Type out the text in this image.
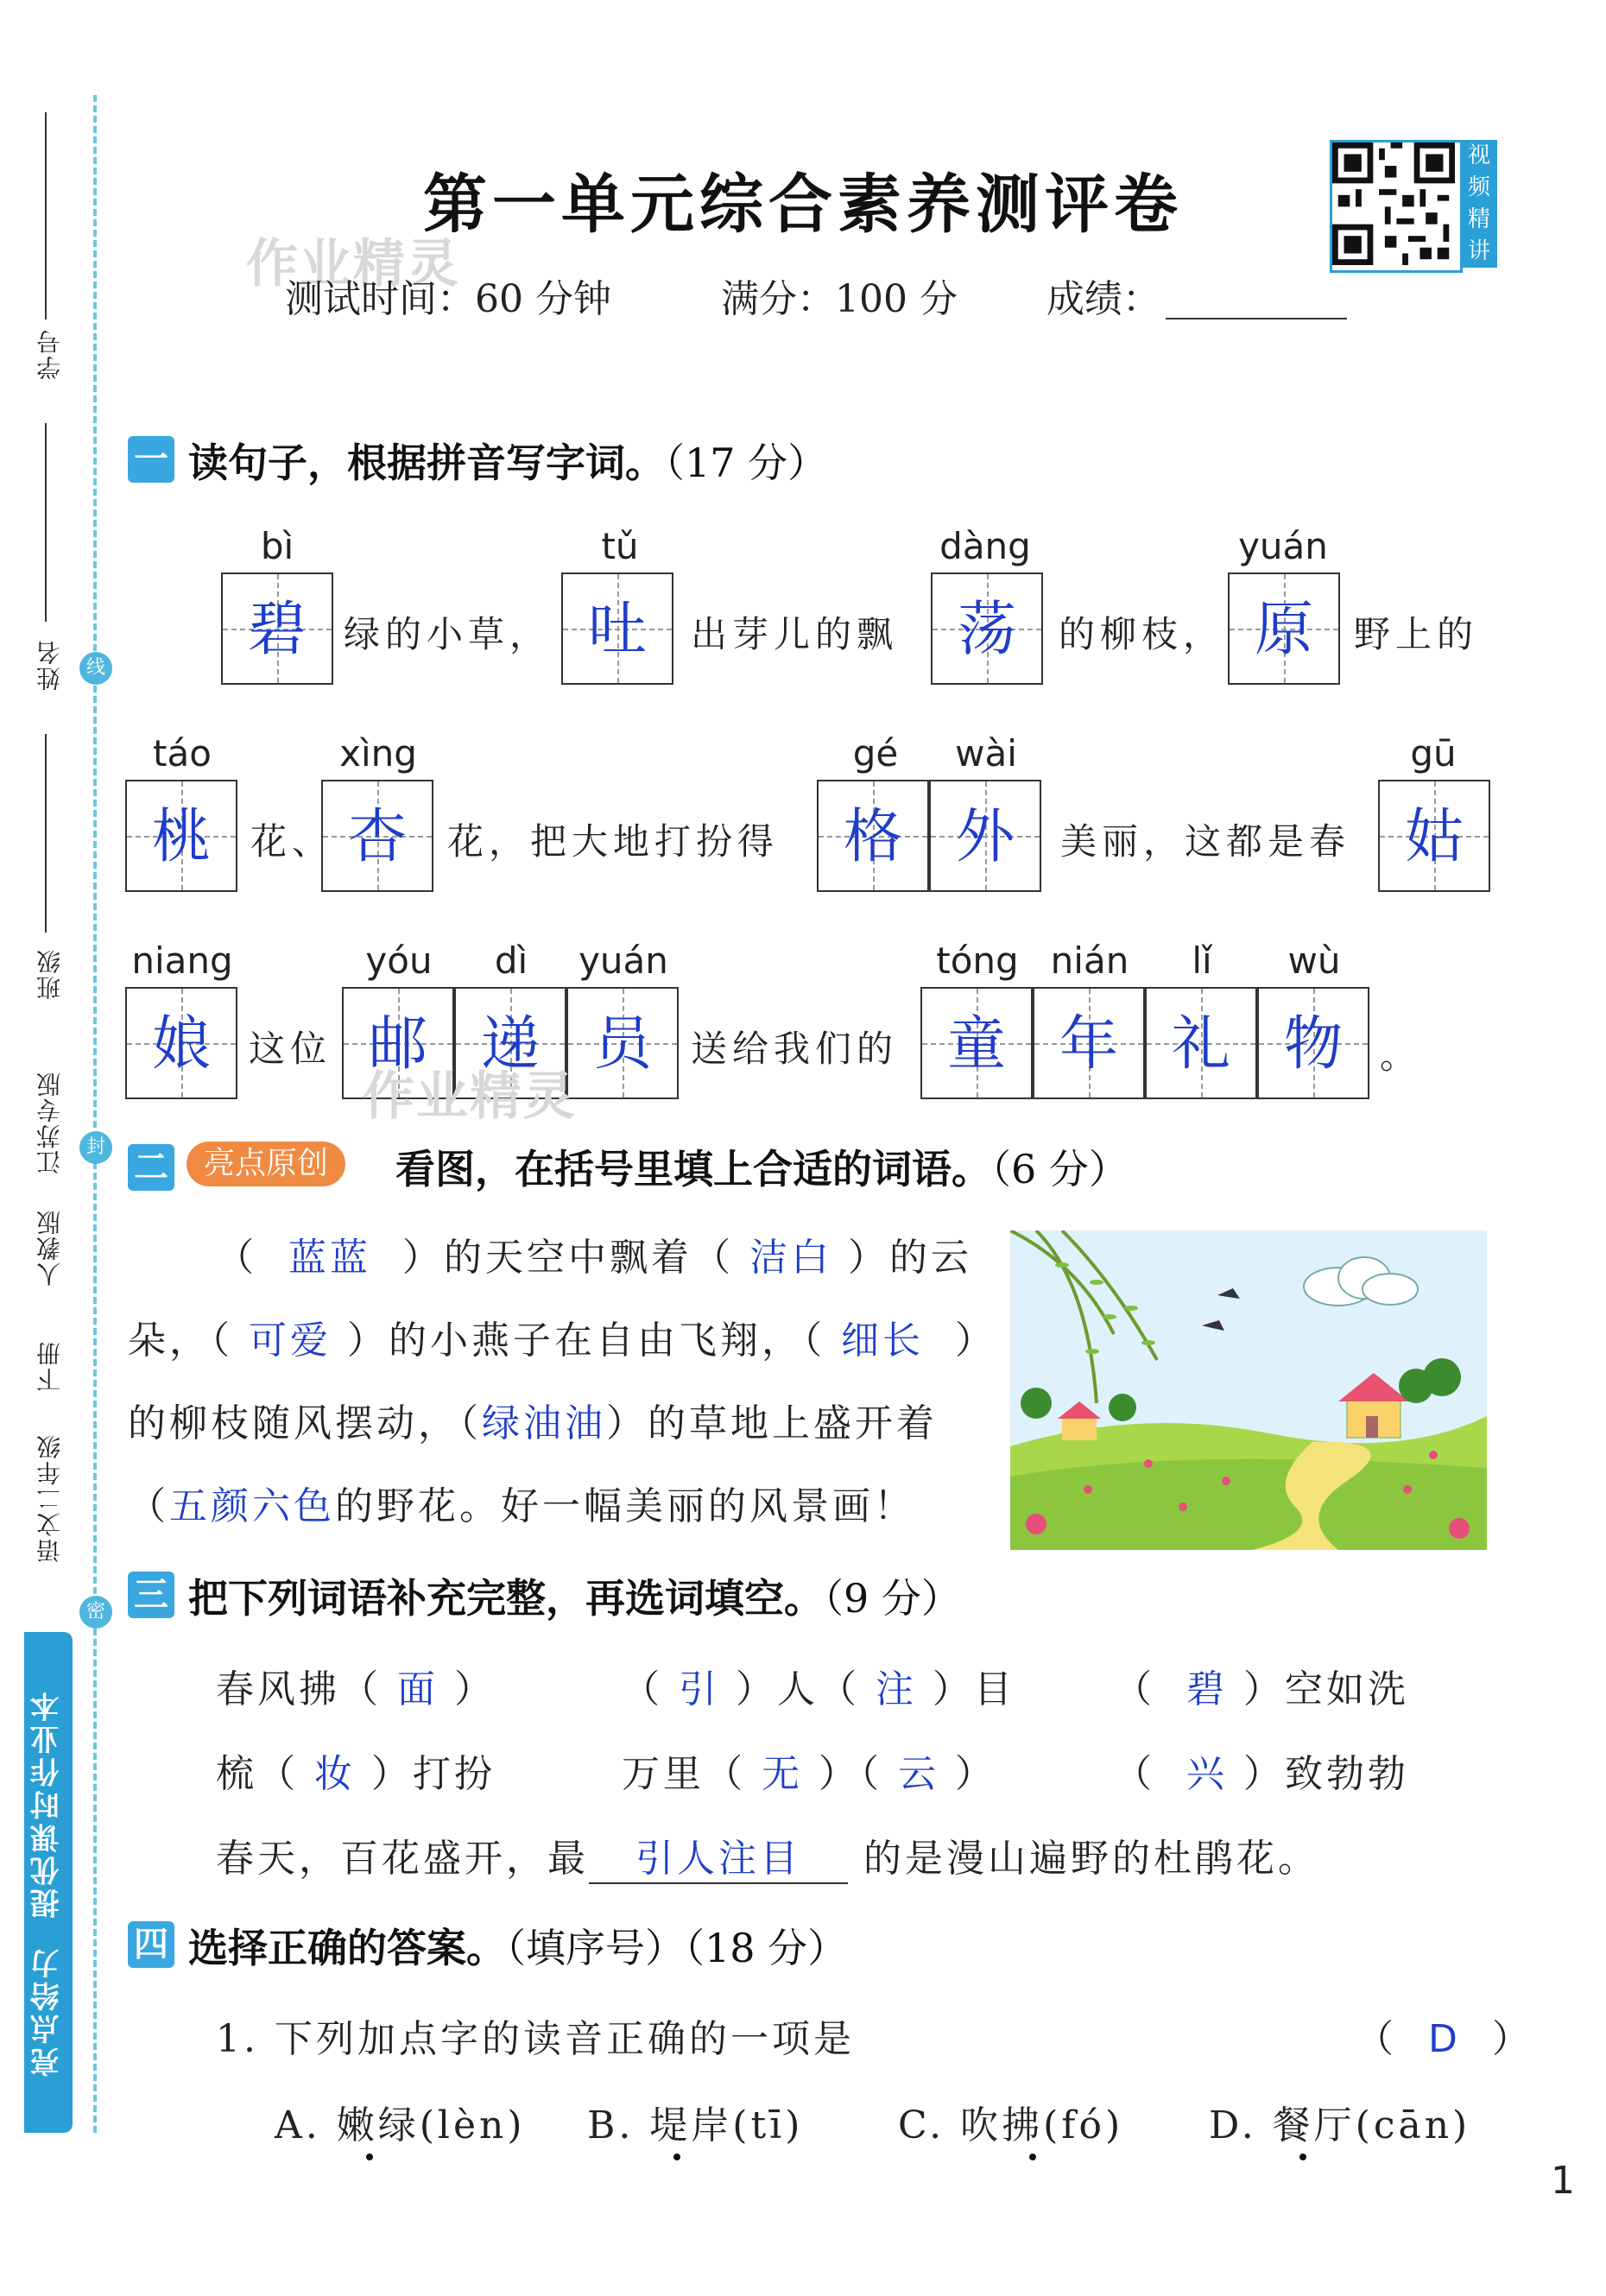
学号
姓名	线
班级
江苏专版	封
人教版
下册
语文二年级
密
亮点给力  提优课时作业本
第一单元综合素养测评卷
作业精灵
测试时间：60 分钟	满分：100 分 成绩：
视频精讲
一 读句子，根据拼音写字词。（17 分）
bì
碧	绿的小草，
tǔ
吐	出芽儿的飘
dàng
荡	的柳枝，
yuán
原	野上的
táo
桃	花、
xìng
杏	花，把大地打扮得
gé
格
wài
外	美丽，这都是春
gū
姑
niang
娘	这位
yóu
邮
dì
递
yuán
员
作业精灵
送给我们的
tóng
童
nián
年
lǐ
礼
wù
物	。
二	亮点原创	看图，在括号里填上合适的词语。（6 分）
（  蓝蓝  ）的天空中飘着（ 洁白 ）的云
朵，（ 可爱 ）的小燕子在自由飞翔，（ 细长  ）
的柳枝随风摆动，（绿油油）的草地上盛开着
（五颜六色的野花。好一幅美丽的风景画！
三 把下列词语补充完整，再选词填空。（9 分）
春风拂（ 面 ）	（ 引 ）人（ 注 ）目	（  碧 ）空如洗
梳（ 妆 ）打扮	万里（ 无 ）（ 云 ）	（  兴 ）致勃勃
春天，百花盛开，最 引人注目 的是漫山遍野的杜鹃花。
四 选择正确的答案。（填序号）（18 分）
1. 下列加点字的读音正确的一项是	（  D  ）
A. 嫩绿(lèn) B. 堤岸(tī) C. 吹拂(fó) D. 餐厅(cān)
1
